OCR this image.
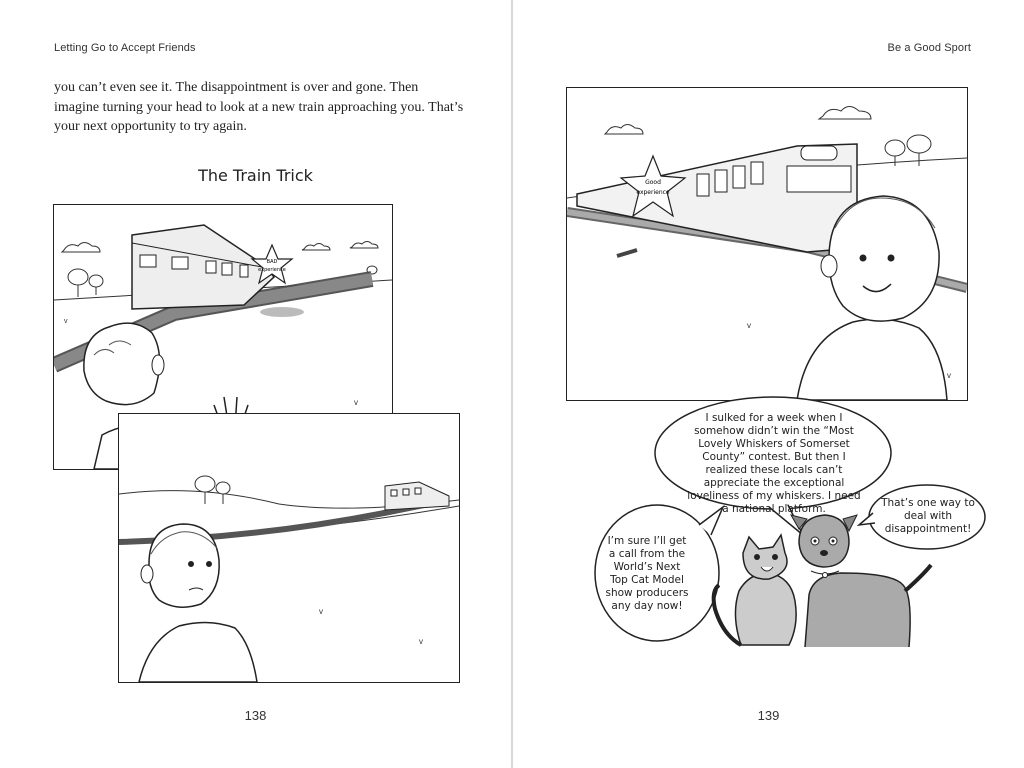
Letting Go to Accept Friends
you can’t even see it. The disappointment is over and gone. Then imagine turning your head to look at a new train approaching you. That’s your next opportunity to try again.
The Train Trick
BAD
experience
v
v
v
v
138
Be a Good Sport
Good
experience
v
v
I sulked for a week when I somehow didn’t win the “Most Lovely Whiskers of Somerset County” contest. But then I realized these locals can’t appreciate the exceptional loveliness of my whiskers. I need a national platform.
I’m sure I’ll get a call from the World’s Next Top Cat Model show producers any day now!
That’s one way to deal with disappointment!
139
